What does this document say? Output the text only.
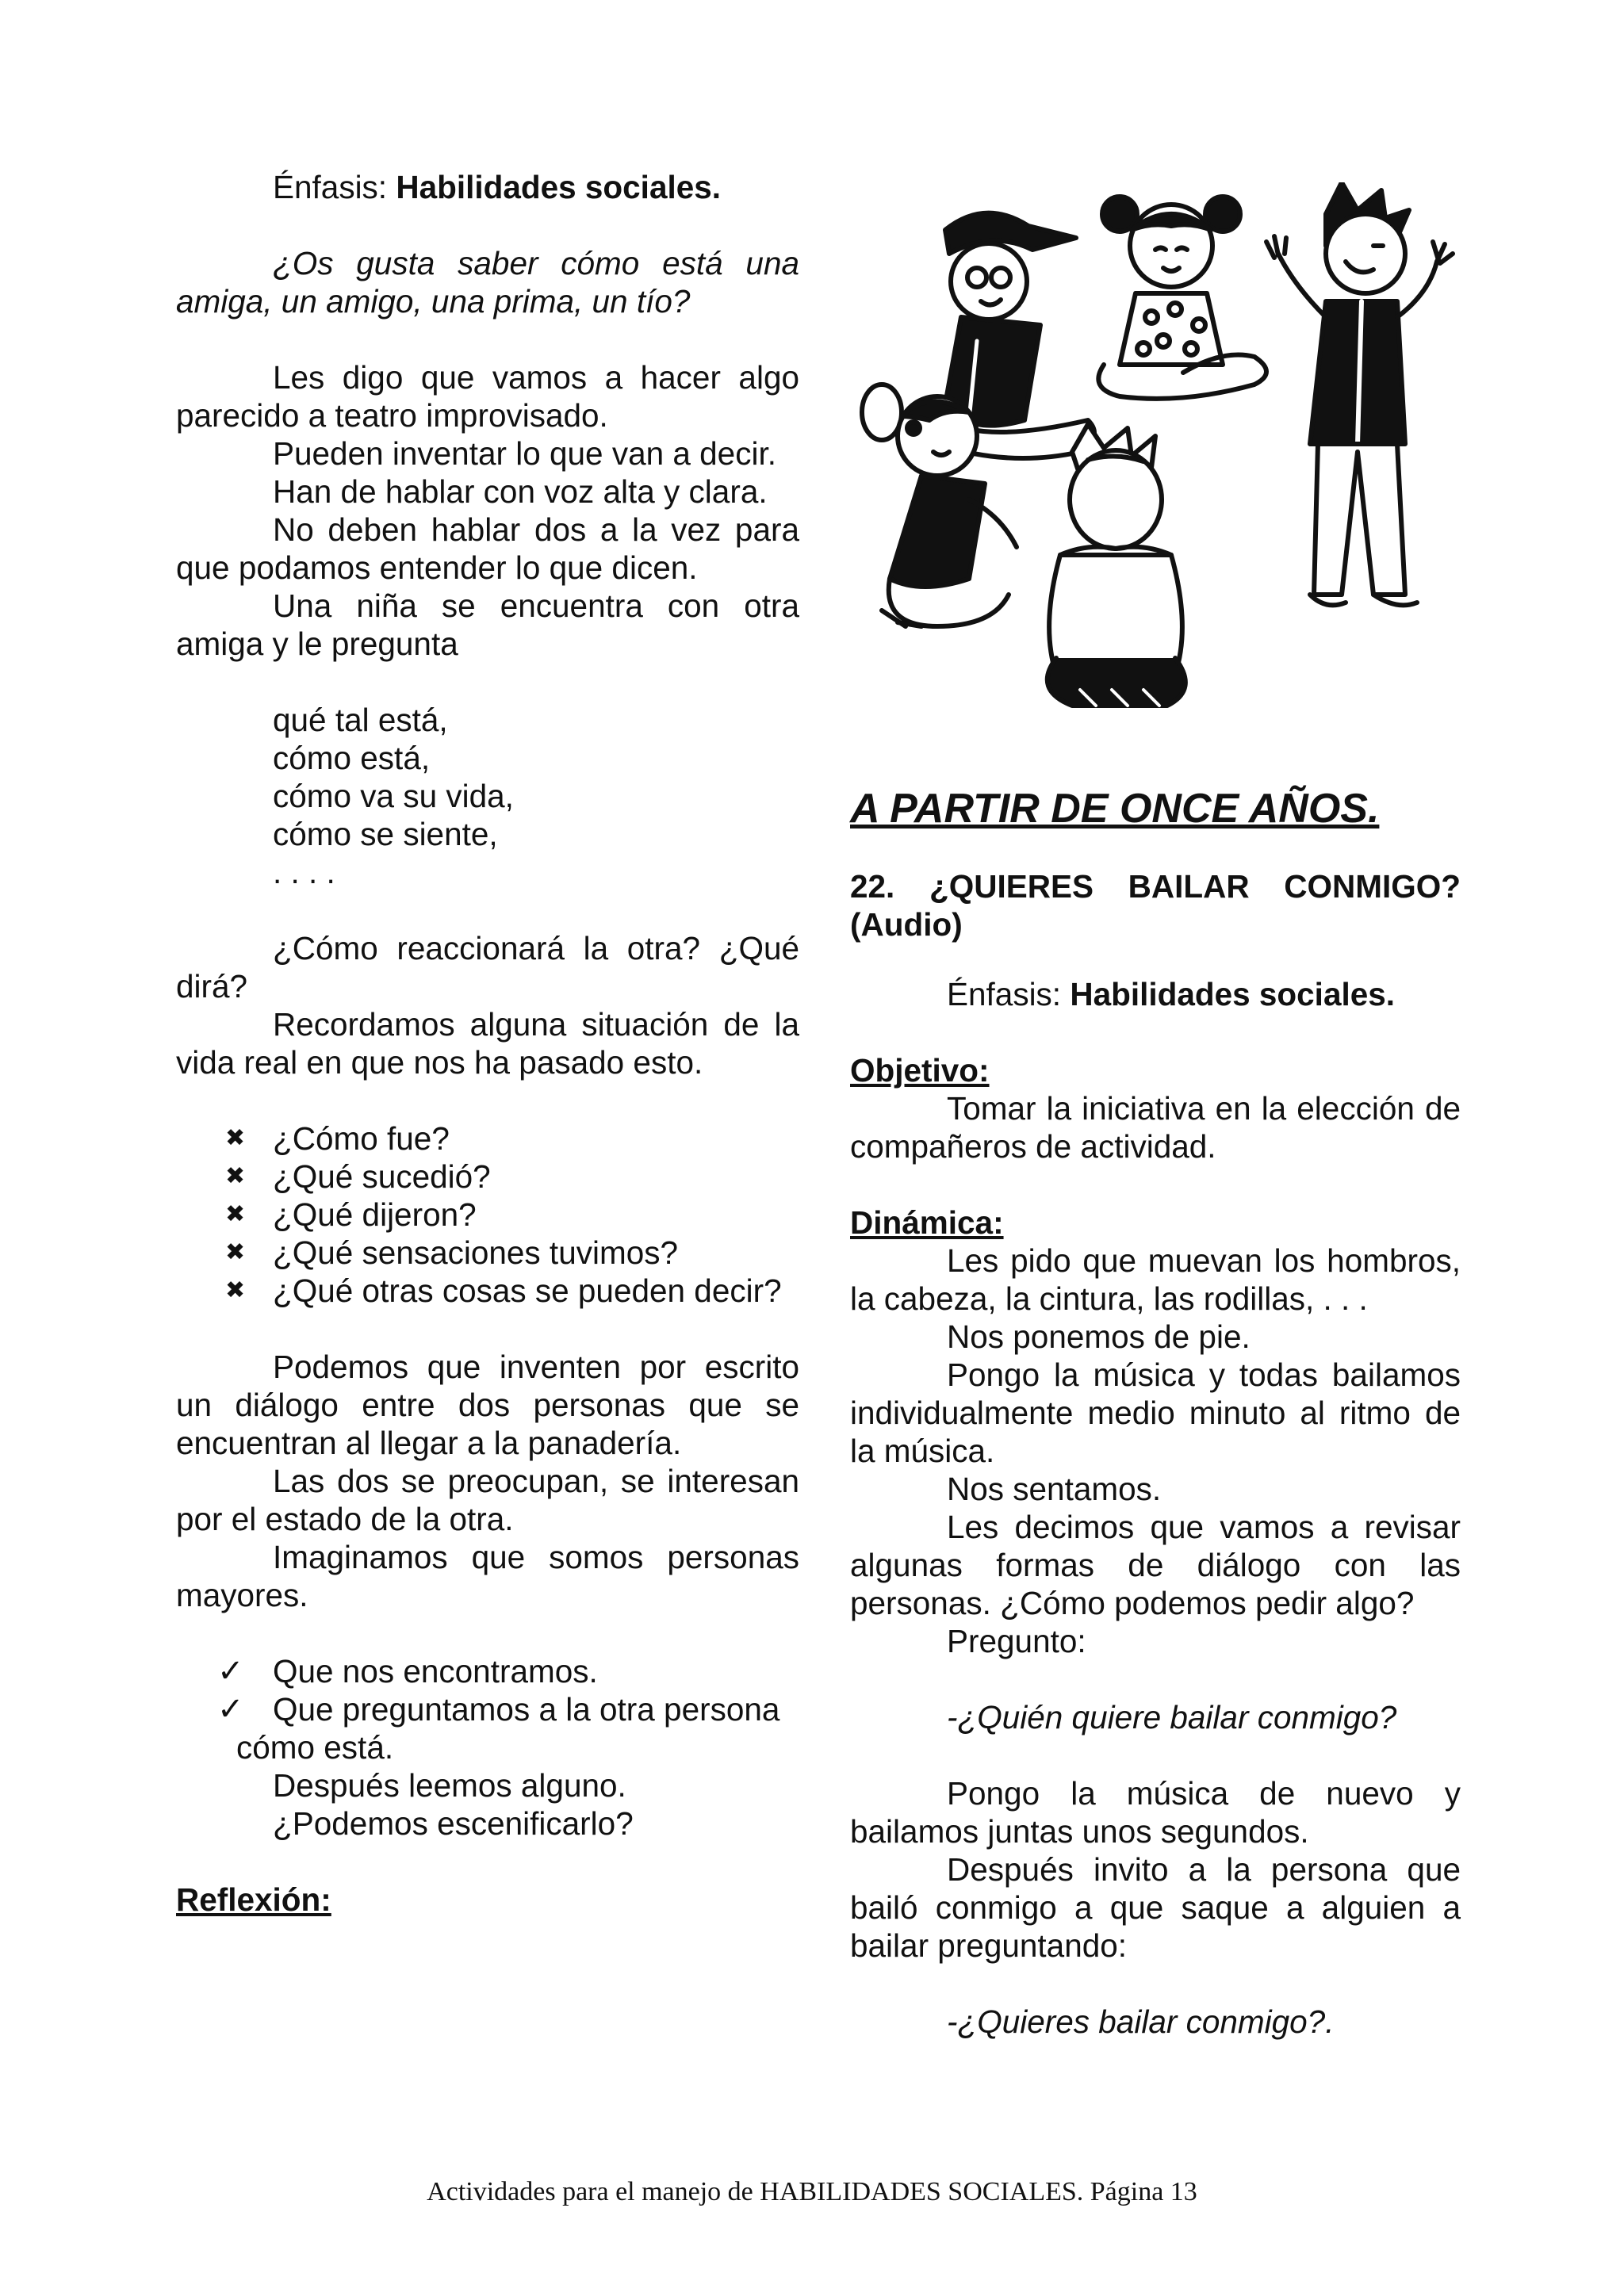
Énfasis: Habilidades sociales.

¿Os gusta saber cómo está una amiga, un amigo, una prima, un tío?

Les digo que vamos a hacer algo parecido a teatro improvisado.

Pueden inventar lo que van a decir.

Han de hablar con voz alta y clara.

No deben hablar dos a la vez para que podamos entender lo que dicen.

Una niña se encuentra con otra amiga y le pregunta

qué tal está,

cómo está,

cómo va su vida,

cómo se siente,

. . . .

¿Cómo reaccionará la otra? ¿Qué dirá?

Recordamos alguna situación de la vida real en que nos ha pasado esto.

✖ ¿Cómo fue?

✖ ¿Qué sucedió?

✖ ¿Qué dijeron?

✖ ¿Qué sensaciones tuvimos?

✖ ¿Qué otras cosas se pueden decir?

Podemos que inventen por escrito un diálogo entre dos personas que se encuentran al llegar a la panadería.

Las dos se preocupan, se interesan por el estado de la otra.

Imaginamos que somos personas mayores.

✓ Que nos encontramos.

✓ Que preguntamos a la otra persona

cómo está.

Después leemos alguno.

¿Podemos escenificarlo?

Reflexión:

A PARTIR DE ONCE AÑOS.

22. ¿QUIERES BAILAR CONMIGO? (Audio)

Énfasis: Habilidades sociales.

Objetivo:

Tomar la iniciativa en la elección de compañeros de actividad.

Dinámica:

Les pido que muevan los hombros, la cabeza, la cintura, las rodillas, . . .

Nos ponemos de pie.

Pongo la música y todas bailamos individualmente medio minuto al ritmo de la música.

Nos sentamos.

Les decimos que vamos a revisar algunas formas de diálogo con las personas. ¿Cómo podemos pedir algo?

Pregunto:

-¿Quién quiere bailar conmigo?

Pongo la música de nuevo y bailamos juntas unos segundos.

Después invito a la persona que bailó conmigo a que saque a alguien a bailar preguntando:

-¿Quieres bailar conmigo?.

Actividades para el manejo de HABILIDADES SOCIALES. Página 13
